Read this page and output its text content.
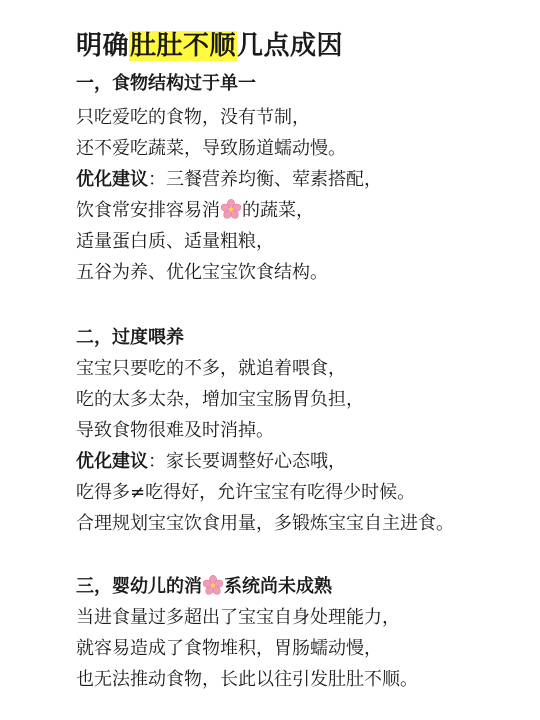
明确肚肚不顺几点成因
一，食物结构过于单一
只吃爱吃的食物，没有节制，
还不爱吃蔬菜，导致肠道蠕动慢。
优化建议：三餐营养均衡、荤素搭配，
饮食常安排容易消 的蔬菜，
适量蛋白质、适量粗粮，
五谷为养、优化宝宝饮食结构。
二，过度喂养
宝宝只要吃的不多，就追着喂食，
吃的太多太杂，增加宝宝肠胃负担，
导致食物很难及时消掉。
优化建议：家长要调整好心态哦，
吃得多≠吃得好，允许宝宝有吃得少时候。
合理规划宝宝饮食用量，多锻炼宝宝自主进食。
三，婴幼儿的消 系统尚未成熟
当进食量过多超出了宝宝自身处理能力，
就容易造成了食物堆积，胃肠蠕动慢，
也无法推动食物，长此以往引发肚肚不顺。
